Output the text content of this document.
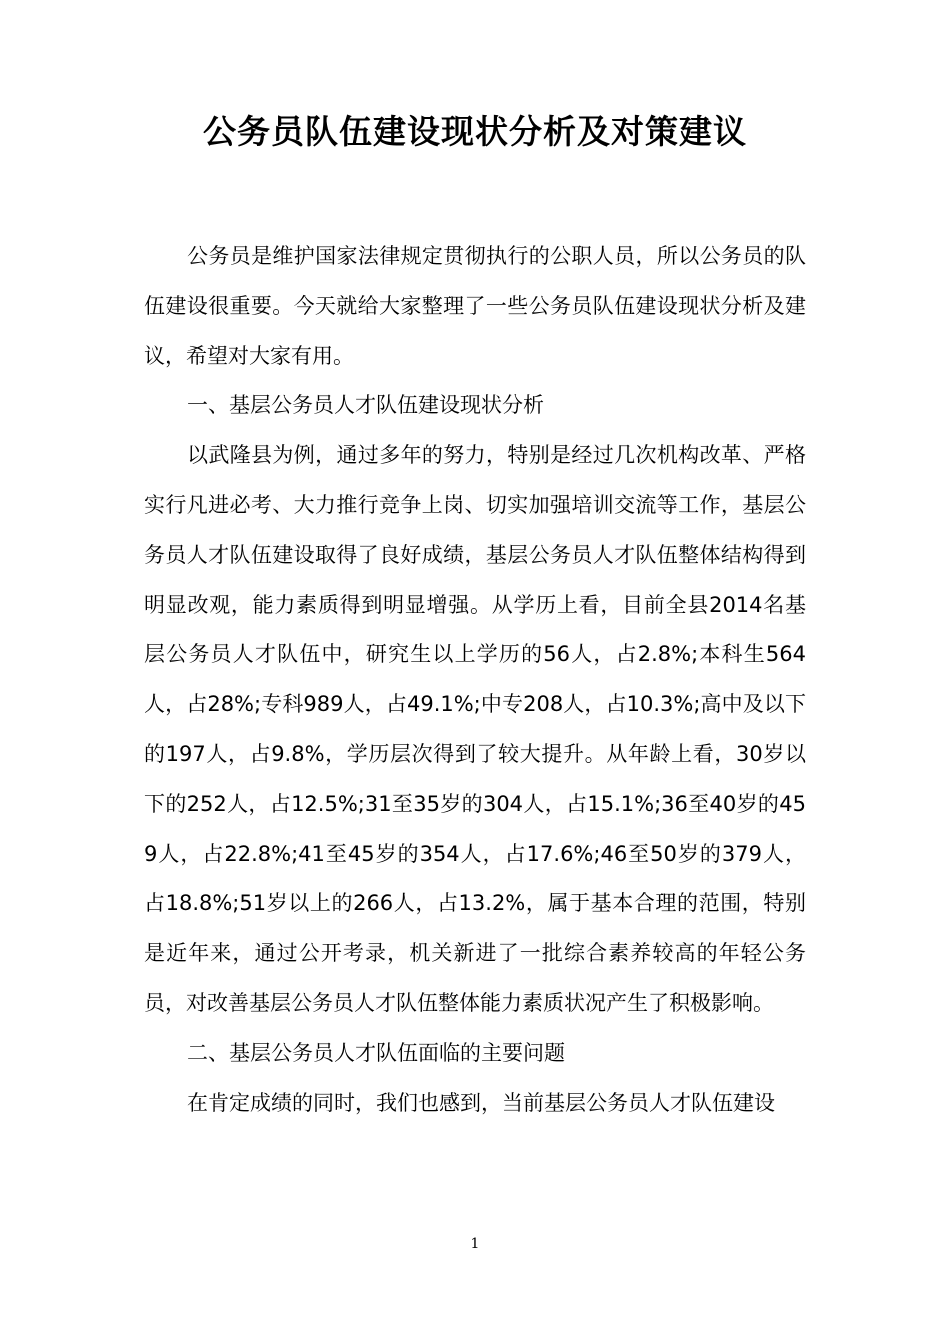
公务员队伍建设现状分析及对策建议

公务员是维护国家法律规定贯彻执行的公职人员，所以公务员的队伍建设很重要。今天就给大家整理了一些公务员队伍建设现状分析及建议，希望对大家有用。

一、基层公务员人才队伍建设现状分析

以武隆县为例，通过多年的努力，特别是经过几次机构改革、严格实行凡进必考、大力推行竞争上岗、切实加强培训交流等工作，基层公务员人才队伍建设取得了良好成绩，基层公务员人才队伍整体结构得到明显改观，能力素质得到明显增强。从学历上看，目前全县2014名基层公务员人才队伍中，研究生以上学历的56人，占2.8%;本科生564人，占28%;专科989人，占49.1%;中专208人，占10.3%;高中及以下的197人，占9.8%，学历层次得到了较大提升。从年龄上看，30岁以下的252人，占12.5%;31至35岁的304人，占15.1%;36至40岁的459人，占22.8%;41至45岁的354人，占17.6%;46至50岁的379人，占18.8%;51岁以上的266人，占13.2%，属于基本合理的范围，特别是近年来，通过公开考录，机关新进了一批综合素养较高的年轻公务员，对改善基层公务员人才队伍整体能力素质状况产生了积极影响。

二、基层公务员人才队伍面临的主要问题

在肯定成绩的同时，我们也感到，当前基层公务员人才队伍建设

1
